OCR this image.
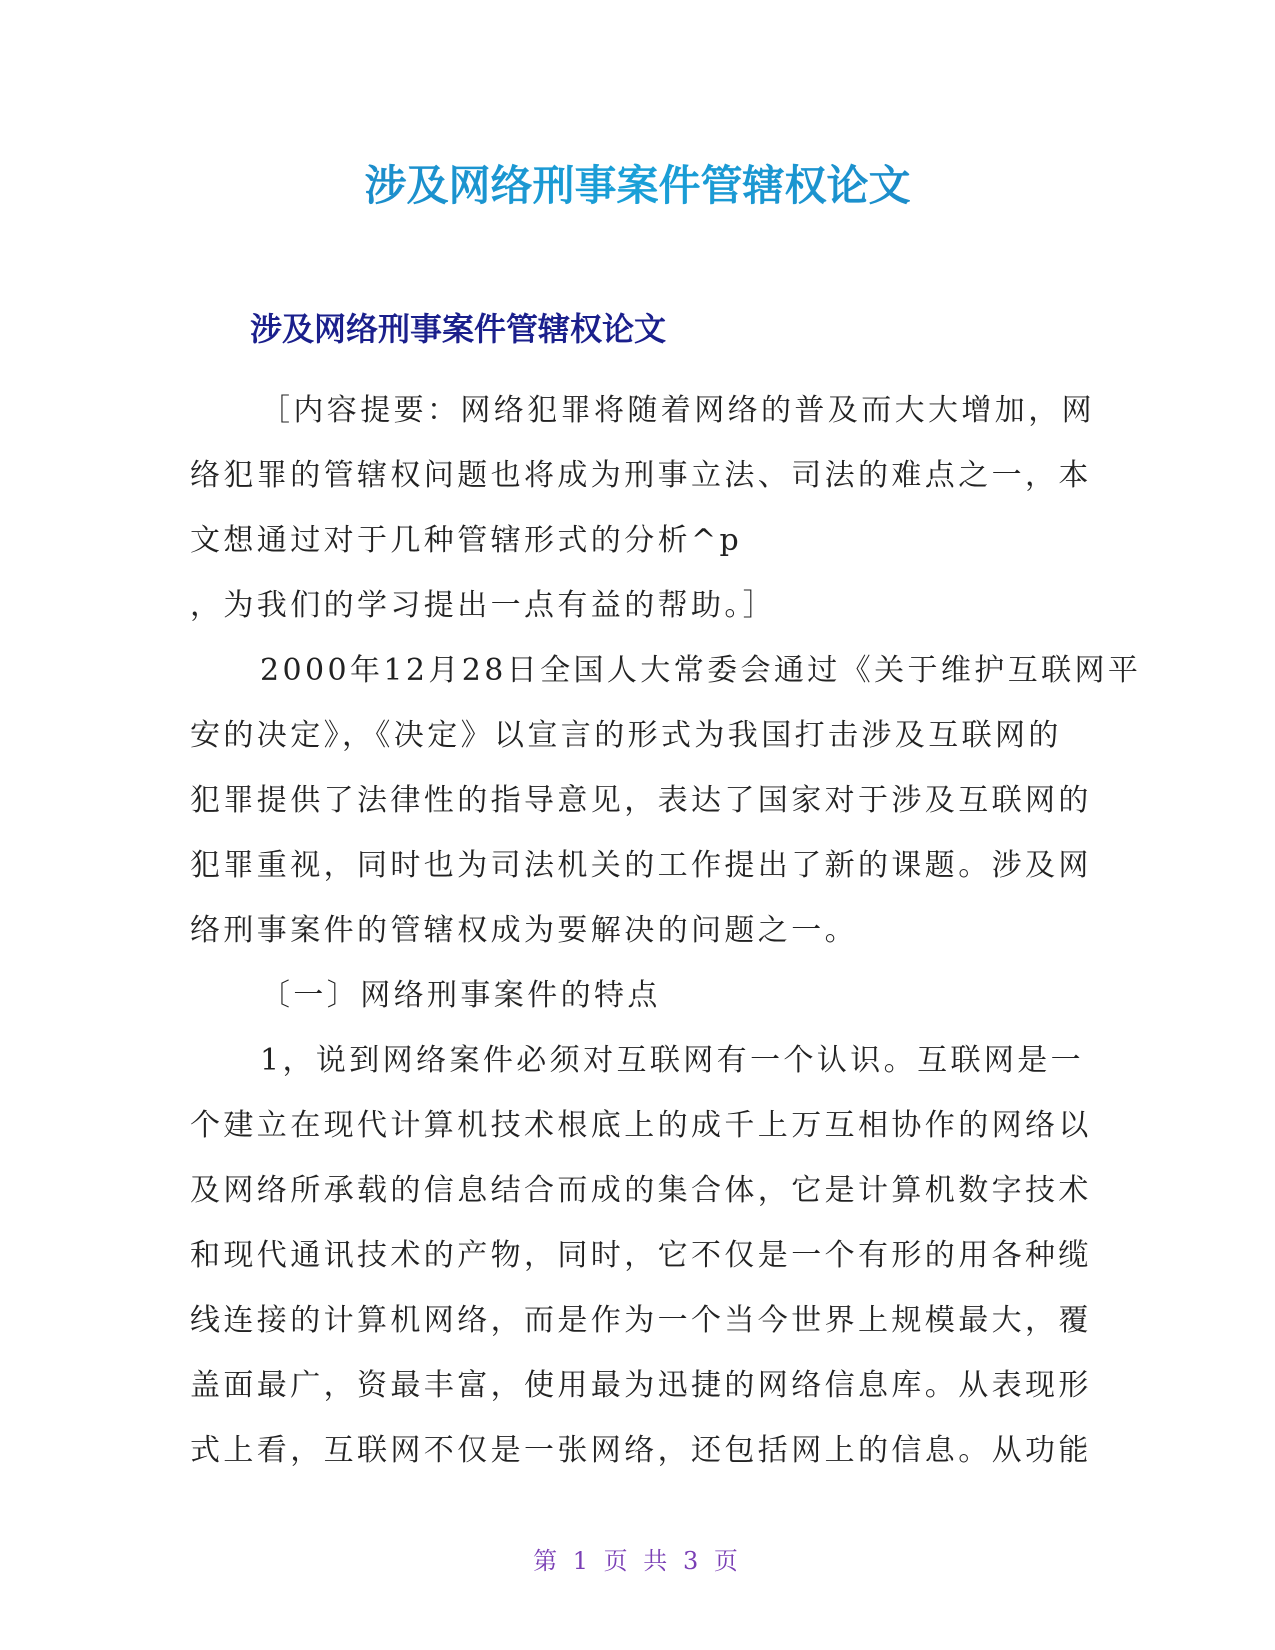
涉及网络刑事案件管辖权论文
涉及网络刑事案件管辖权论文
［内容提要：网络犯罪将随着网络的普及而大大增加，网
络犯罪的管辖权问题也将成为刑事立法、司法的难点之一，本
文想通过对于几种管辖形式的分析^p
，为我们的学习提出一点有益的帮助。］
2000年12月28日全国人大常委会通过《关于维护互联网平
安的决定》，《决定》以宣言的形式为我国打击涉及互联网的
犯罪提供了法律性的指导意见，表达了国家对于涉及互联网的
犯罪重视，同时也为司法机关的工作提出了新的课题。涉及网
络刑事案件的管辖权成为要解决的问题之一。
〔一〕网络刑事案件的特点
1，说到网络案件必须对互联网有一个认识。互联网是一
个建立在现代计算机技术根底上的成千上万互相协作的网络以
及网络所承载的信息结合而成的集合体，它是计算机数字技术
和现代通讯技术的产物，同时，它不仅是一个有形的用各种缆
线连接的计算机网络，而是作为一个当今世界上规模最大，覆
盖面最广，资最丰富，使用最为迅捷的网络信息库。从表现形
式上看，互联网不仅是一张网络，还包括网上的信息。从功能
第 1 页 共 3 页
